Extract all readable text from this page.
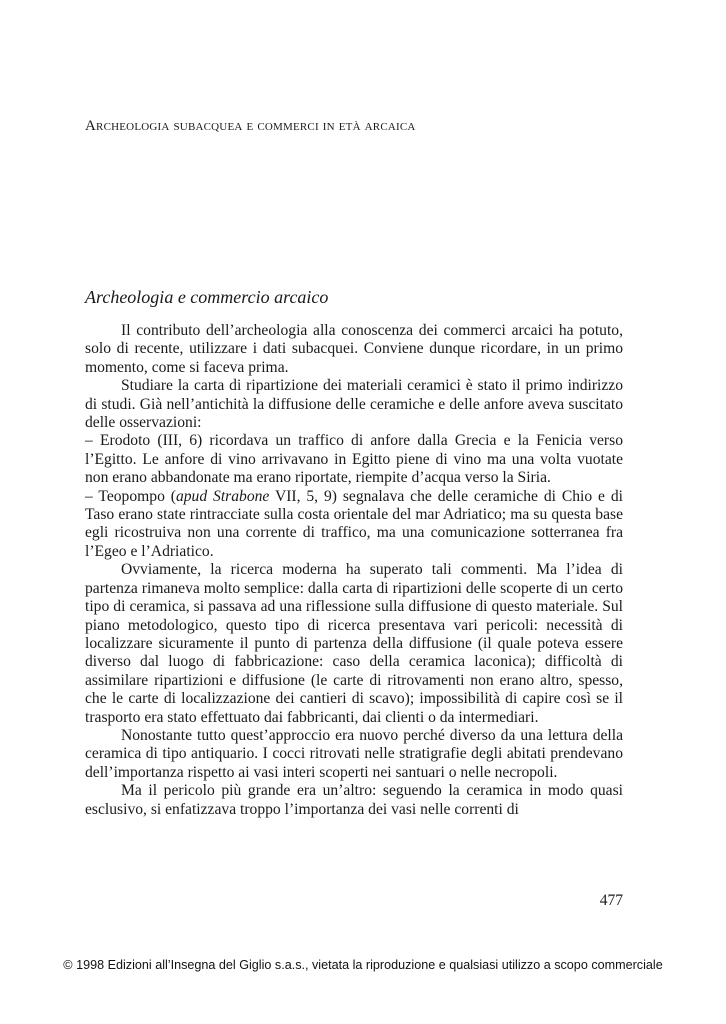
Archeologia subacquea e commerci in età arcaica
Archeologia e commercio arcaico

Il contributo dell’archeologia alla conoscenza dei commerci arcaici ha potuto, solo di recente, utilizzare i dati subacquei. Conviene dunque ricordare, in un primo momento, come si faceva prima.

Studiare la carta di ripartizione dei materiali ceramici è stato il primo indirizzo di studi. Già nell’antichità la diffusione delle ceramiche e delle anfore aveva suscitato delle osservazioni:

– Erodoto (III, 6) ricordava un traffico di anfore dalla Grecia e la Fenicia verso l’Egitto. Le anfore di vino arrivavano in Egitto piene di vino ma una volta vuotate non erano abbandonate ma erano riportate, riempite d’acqua verso la Siria.

– Teopompo (apud Strabone VII, 5, 9) segnalava che delle ceramiche di Chio e di Taso erano state rintracciate sulla costa orientale del mar Adriatico; ma su questa base egli ricostruiva non una corrente di traffico, ma una comunicazione sotterranea fra l’Egeo e l’Adriatico.

Ovviamente, la ricerca moderna ha superato tali commenti. Ma l’idea di partenza rimaneva molto semplice: dalla carta di ripartizioni delle scoperte di un certo tipo di ceramica, si passava ad una riflessione sulla diffusione di questo materiale. Sul piano metodologico, questo tipo di ricerca presentava vari pericoli: necessità di localizzare sicuramente il punto di partenza della diffusione (il quale poteva essere diverso dal luogo di fabbricazione: caso della ceramica laconica); difficoltà di assimilare ripartizioni e diffusione (le carte di ritrovamenti non erano altro, spesso, che le carte di localizzazione dei cantieri di scavo); impossibilità di capire così se il trasporto era stato effettuato dai fabbricanti, dai clienti o da intermediari.

Nonostante tutto quest’approccio era nuovo perché diverso da una lettura della ceramica di tipo antiquario. I cocci ritrovati nelle stratigrafie degli abitati prendevano dell’importanza rispetto ai vasi interi scoperti nei santuari o nelle necropoli.

Ma il pericolo più grande era un’altro: seguendo la ceramica in modo quasi esclusivo, si enfatizzava troppo l’importanza dei vasi nelle correnti di

477
© 1998 Edizioni all’Insegna del Giglio s.a.s., vietata la riproduzione e qualsiasi utilizzo a scopo commerciale
